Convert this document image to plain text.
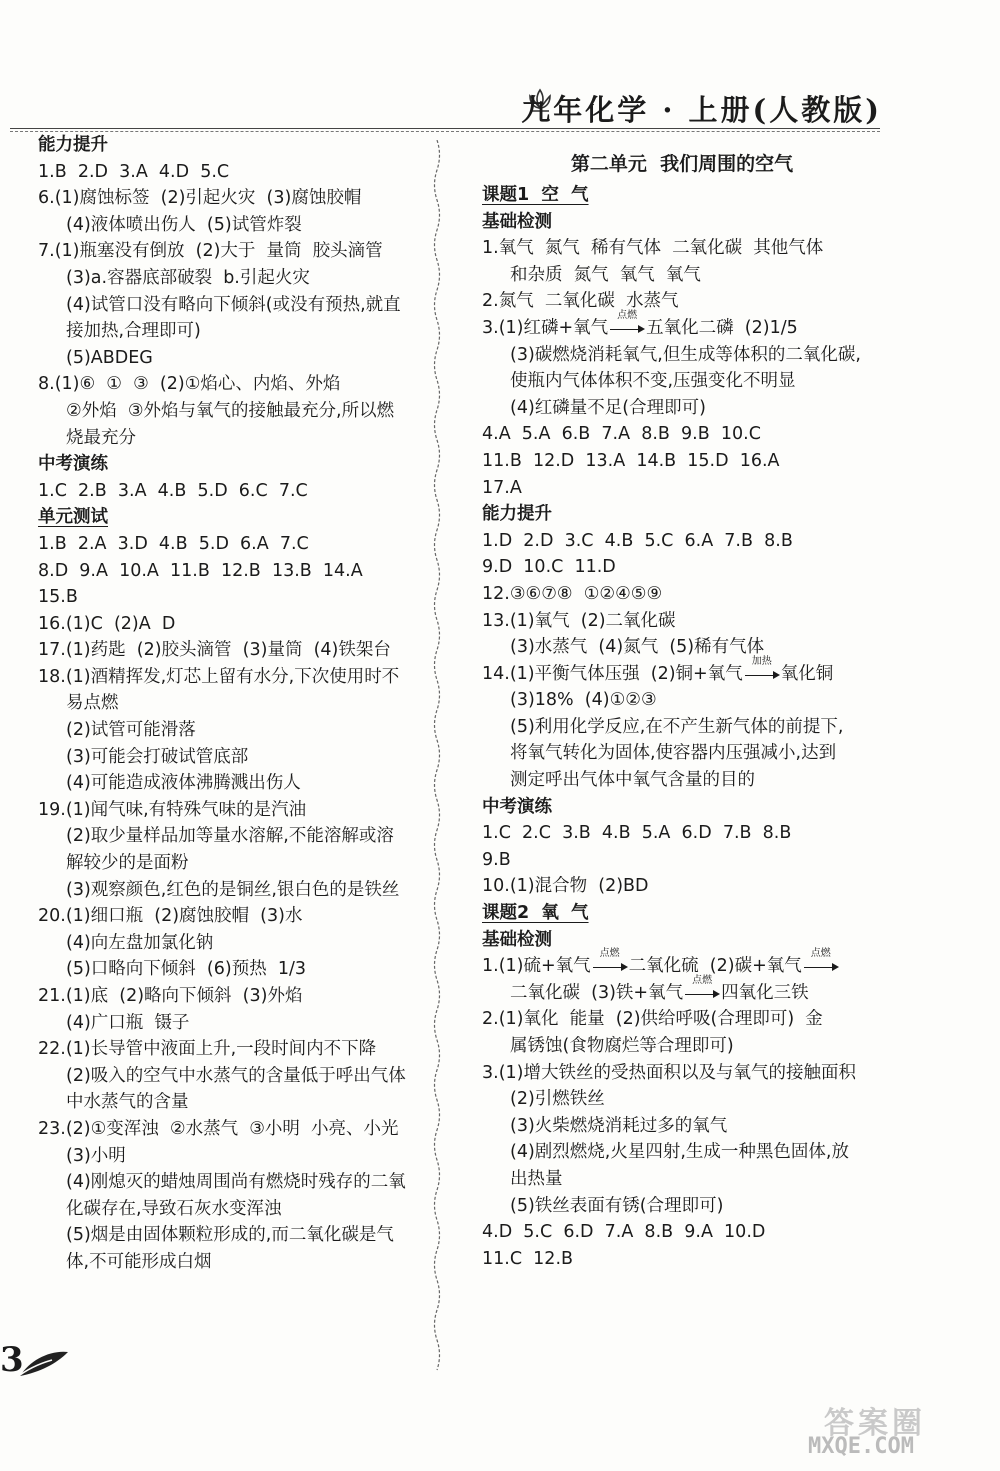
九年化学 · 上册(人教版)
能力提升
1.B  2.D  3.A  4.D  5.C
6.(1)腐蚀标签  (2)引起火灾  (3)腐蚀胶帽
(4)液体喷出伤人  (5)试管炸裂
7.(1)瓶塞没有倒放  (2)大于  量筒  胶头滴管
(3)a.容器底部破裂  b.引起火灾
(4)试管口没有略向下倾斜(或没有预热,就直
接加热,合理即可)
(5)ABDEG
8.(1)⑥  ①  ③  (2)①焰心、内焰、外焰
②外焰  ③外焰与氧气的接触最充分,所以燃
烧最充分
中考演练
1.C  2.B  3.A  4.B  5.D  6.C  7.C
单元测试
1.B  2.A  3.D  4.B  5.D  6.A  7.C
8.D  9.A  10.A  11.B  12.B  13.B  14.A
15.B
16.(1)C  (2)A  D
17.(1)药匙  (2)胶头滴管  (3)量筒  (4)铁架台
18.(1)酒精挥发,灯芯上留有水分,下次使用时不
易点燃
(2)试管可能滑落
(3)可能会打破试管底部
(4)可能造成液体沸腾溅出伤人
19.(1)闻气味,有特殊气味的是汽油
(2)取少量样品加等量水溶解,不能溶解或溶
解较少的是面粉
(3)观察颜色,红色的是铜丝,银白色的是铁丝
20.(1)细口瓶  (2)腐蚀胶帽  (3)水
(4)向左盘加氯化钠
(5)口略向下倾斜  (6)预热  1/3
21.(1)底  (2)略向下倾斜  (3)外焰
(4)广口瓶  镊子
22.(1)长导管中液面上升,一段时间内不下降
(2)吸入的空气中水蒸气的含量低于呼出气体
中水蒸气的含量
23.(2)①变浑浊  ②水蒸气  ③小明  小亮、小光
(3)小明
(4)刚熄灭的蜡烛周围尚有燃烧时残存的二氧
化碳存在,导致石灰水变浑浊
(5)烟是由固体颗粒形成的,而二氧化碳是气
体,不可能形成白烟
第二单元  我们周围的空气
课题1  空  气
基础检测
1.氧气  氮气  稀有气体  二氧化碳  其他气体
和杂质  氮气  氧气  氧气
2.氮气  二氧化碳  水蒸气
3.(1)红磷+氧气
点燃
五氧化二磷  (2)1/5
(3)碳燃烧消耗氧气,但生成等体积的二氧化碳,
使瓶内气体体积不变,压强变化不明显
(4)红磷量不足(合理即可)
4.A  5.A  6.B  7.A  8.B  9.B  10.C
11.B  12.D  13.A  14.B  15.D  16.A
17.A
能力提升
1.D  2.D  3.C  4.B  5.C  6.A  7.B  8.B
9.D  10.C  11.D
12.③⑥⑦⑧  ①②④⑤⑨
13.(1)氧气  (2)二氧化碳
(3)水蒸气  (4)氮气  (5)稀有气体
14.(1)平衡气体压强  (2)铜+氧气
加热
氧化铜
(3)18%  (4)①②③
(5)利用化学反应,在不产生新气体的前提下,
将氧气转化为固体,使容器内压强减小,达到
测定呼出气体中氧气含量的目的
中考演练
1.C  2.C  3.B  4.B  5.A  6.D  7.B  8.B
9.B
10.(1)混合物  (2)BD
课题2  氧  气
基础检测
1.(1)硫+氧气
点燃
二氧化硫  (2)碳+氧气
点燃
二氧化碳  (3)铁+氧气
点燃
四氧化三铁
2.(1)氧化  能量  (2)供给呼吸(合理即可)  金
属锈蚀(食物腐烂等合理即可)
3.(1)增大铁丝的受热面积以及与氧气的接触面积
(2)引燃铁丝
(3)火柴燃烧消耗过多的氧气
(4)剧烈燃烧,火星四射,生成一种黑色固体,放
出热量
(5)铁丝表面有锈(合理即可)
4.D  5.C  6.D  7.A  8.B  9.A  10.D
11.C  12.B
3
答案圈
MXQE.COM
